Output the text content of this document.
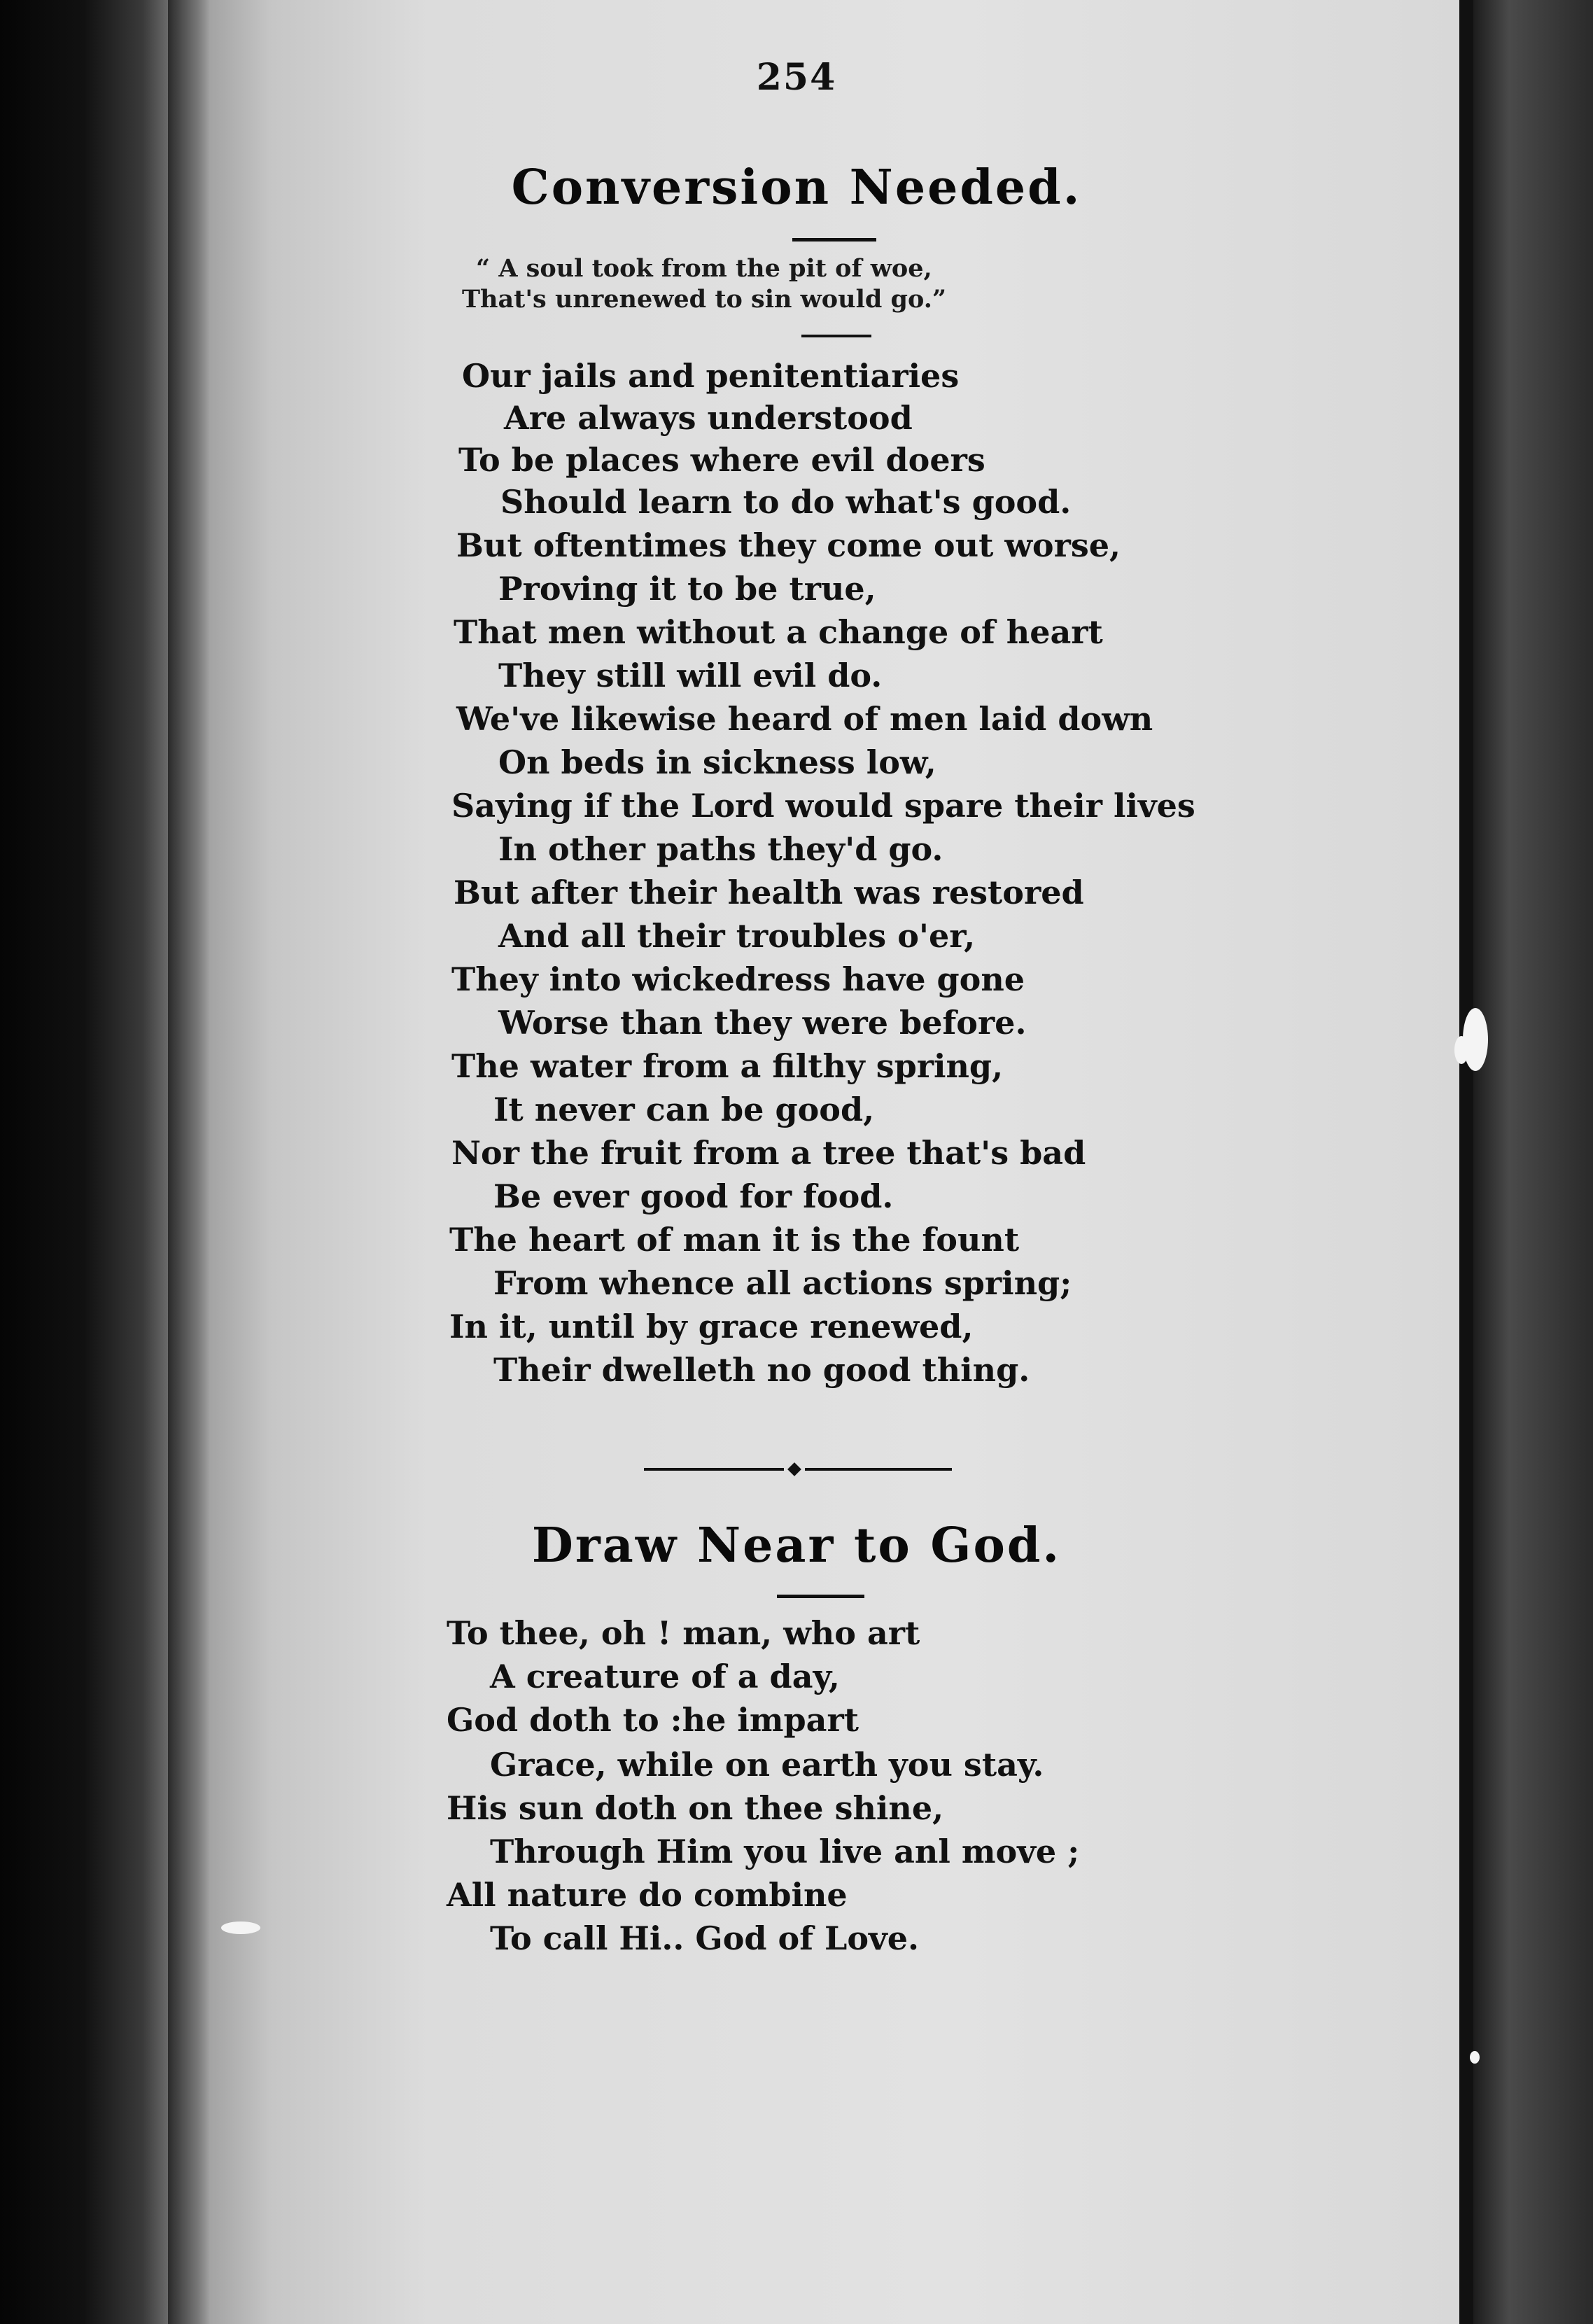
254
Conversion Needed.
“ A soul took from the pit of woe,
That's unrenewed to sin would go.”
Our jails and penitentiaries
Are always understood
To be places where evil doers
Should learn to do what's good.
But oftentimes they come out worse,
Proving it to be true,
That men without a change of heart
They still will evil do.
We've likewise heard of men laid down
On beds in sickness low,
Saying if the Lord would spare their lives
In other paths they'd go.
But after their health was restored
And all their troubles o'er,
They into wickedress have gone
Worse than they were before.
The water from a filthy spring,
It never can be good,
Nor the fruit from a tree that's bad
Be ever good for food.
The heart of man it is the fount
From whence all actions spring;
In it, until by grace renewed,
Their dwelleth no good thing.
Draw Near to God.
To thee, oh ! man, who art
A creature of a day,
God doth to :he impart
Grace, while on earth you stay.
His sun doth on thee shine,
Through Him you live anl move ;
All nature do combine
To call Hi.. God of Love.
